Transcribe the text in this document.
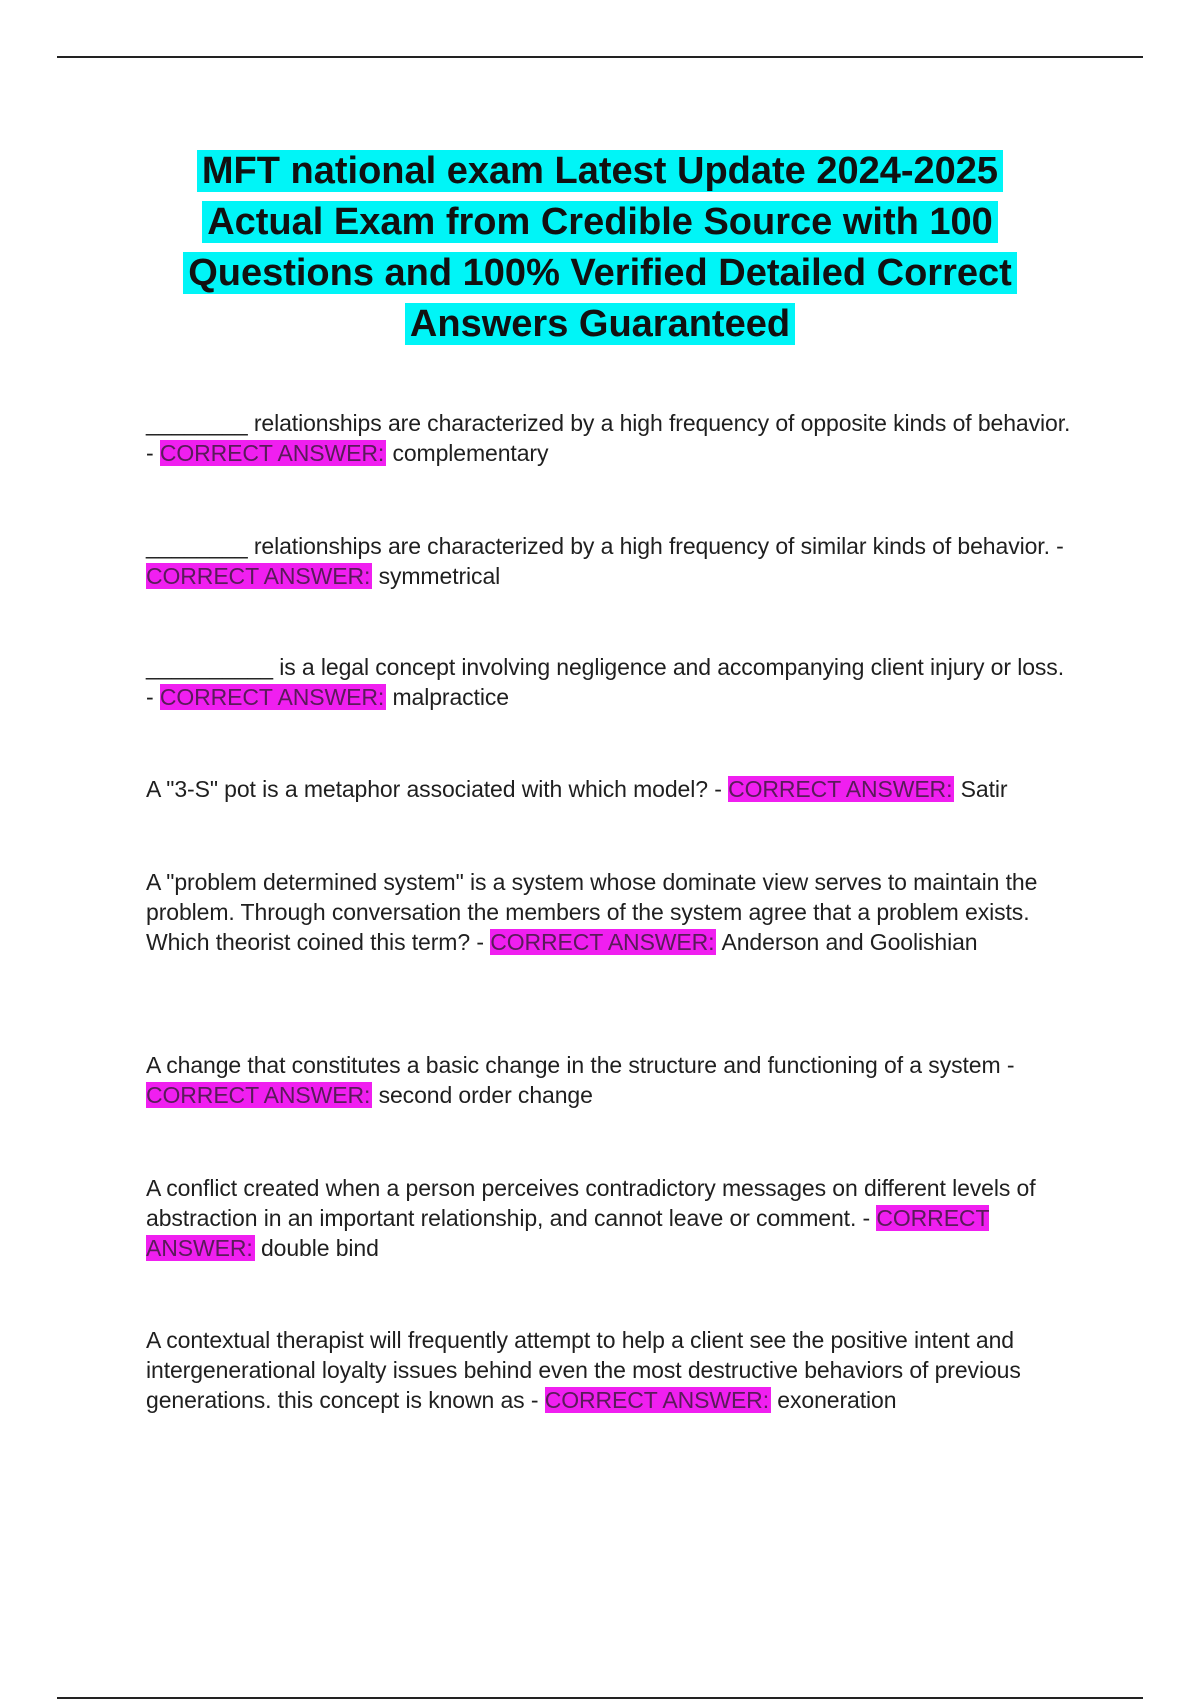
MFT national exam Latest Update 2024-2025 Actual Exam from Credible Source with 100 Questions and 100% Verified Detailed Correct Answers Guaranteed

________ relationships are characterized by a high frequency of opposite kinds of behavior. - CORRECT ANSWER: complementary

________ relationships are characterized by a high frequency of similar kinds of behavior. - CORRECT ANSWER: symmetrical

__________ is a legal concept involving negligence and accompanying client injury or loss. - CORRECT ANSWER: malpractice

A "3-S" pot is a metaphor associated with which model? - CORRECT ANSWER: Satir

A "problem determined system" is a system whose dominate view serves to maintain the problem. Through conversation the members of the system agree that a problem exists. Which theorist coined this term? - CORRECT ANSWER: Anderson and Goolishian

A change that constitutes a basic change in the structure and functioning of a system - CORRECT ANSWER: second order change

A conflict created when a person perceives contradictory messages on different levels of abstraction in an important relationship, and cannot leave or comment. - CORRECT ANSWER: double bind

A contextual therapist will frequently attempt to help a client see the positive intent and intergenerational loyalty issues behind even the most destructive behaviors of previous generations. this concept is known as - CORRECT ANSWER: exoneration
